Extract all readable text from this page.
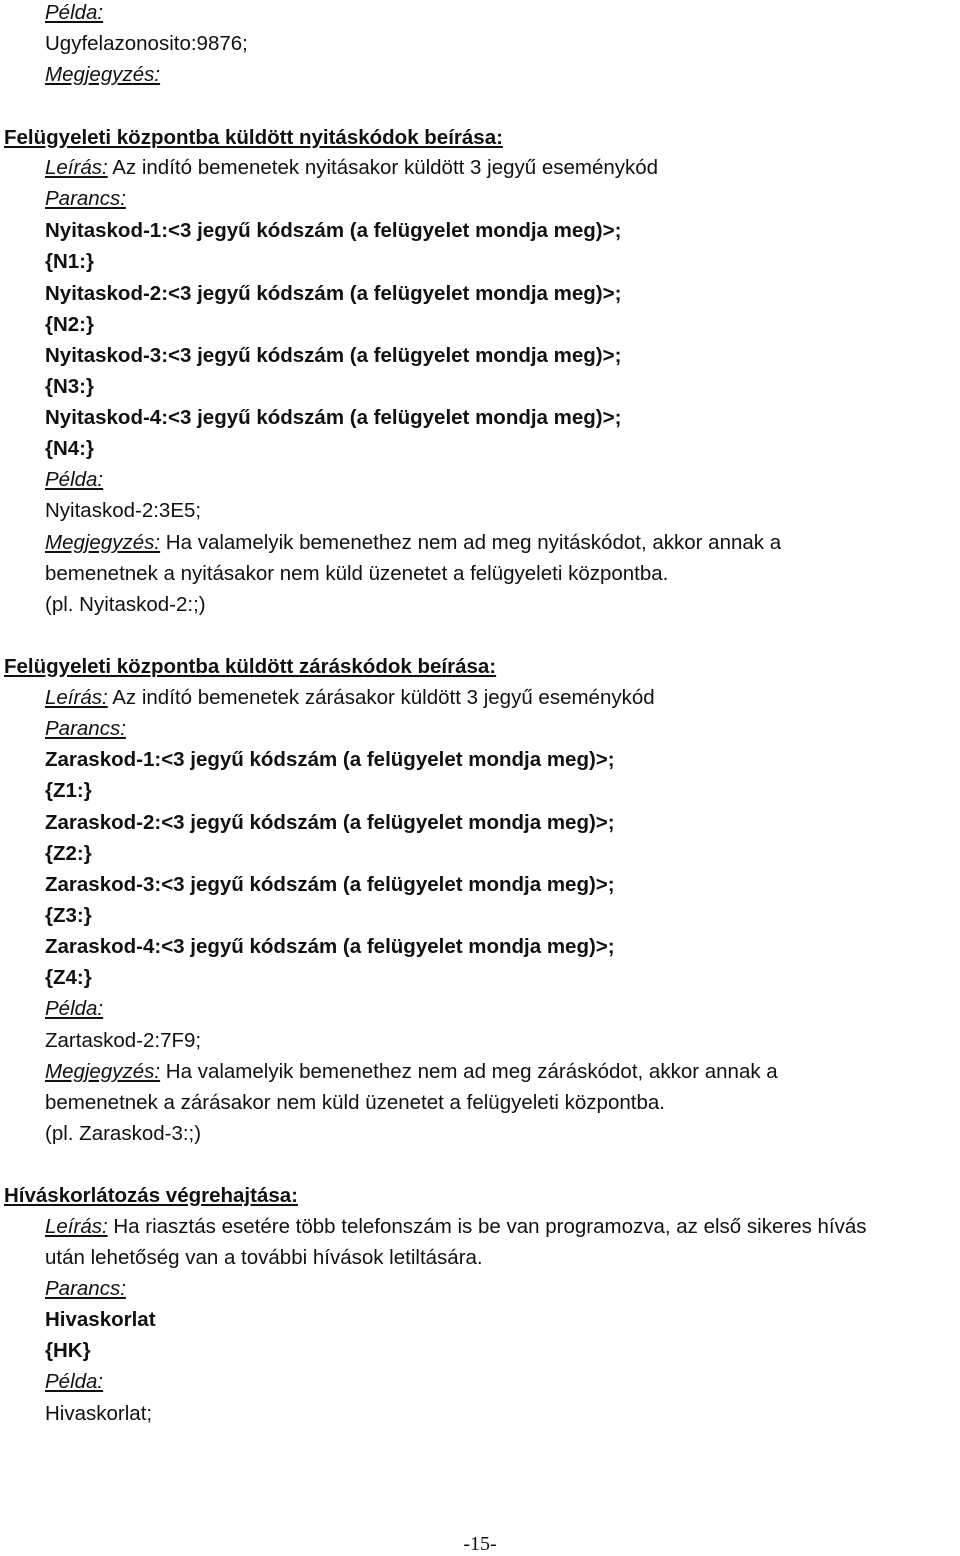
Példa:
Ugyfelazonosito:9876;
Megjegyzés:
Felügyeleti központba küldött nyitáskódok beírása:
Leírás: Az indító bemenetek nyitásakor küldött 3 jegyű eseménykód
Parancs:
Nyitaskod-1:<3 jegyű kódszám (a felügyelet mondja meg)>;
{N1:}
Nyitaskod-2:<3 jegyű kódszám (a felügyelet mondja meg)>;
{N2:}
Nyitaskod-3:<3 jegyű kódszám (a felügyelet mondja meg)>;
{N3:}
Nyitaskod-4:<3 jegyű kódszám (a felügyelet mondja meg)>;
{N4:}
Példa:
Nyitaskod-2:3E5;
Megjegyzés: Ha valamelyik bemenethez nem ad meg nyitáskódot, akkor annak a
bemenetnek a nyitásakor nem küld üzenetet a felügyeleti központba.
(pl. Nyitaskod-2:;)
Felügyeleti központba küldött záráskódok beírása:
Leírás: Az indító bemenetek zárásakor küldött 3 jegyű eseménykód
Parancs:
Zaraskod-1:<3 jegyű kódszám (a felügyelet mondja meg)>;
{Z1:}
Zaraskod-2:<3 jegyű kódszám (a felügyelet mondja meg)>;
{Z2:}
Zaraskod-3:<3 jegyű kódszám (a felügyelet mondja meg)>;
{Z3:}
Zaraskod-4:<3 jegyű kódszám (a felügyelet mondja meg)>;
{Z4:}
Példa:
Zartaskod-2:7F9;
Megjegyzés: Ha valamelyik bemenethez nem ad meg záráskódot, akkor annak a
bemenetnek a zárásakor nem küld üzenetet a felügyeleti központba.
(pl. Zaraskod-3:;)
Híváskorlátozás végrehajtása:
Leírás: Ha riasztás esetére több telefonszám is be van programozva, az első sikeres hívás
után lehetőség van a további hívások letiltására.
Parancs:
Hivaskorlat
{HK}
Példa:
Hivaskorlat;
-15-
